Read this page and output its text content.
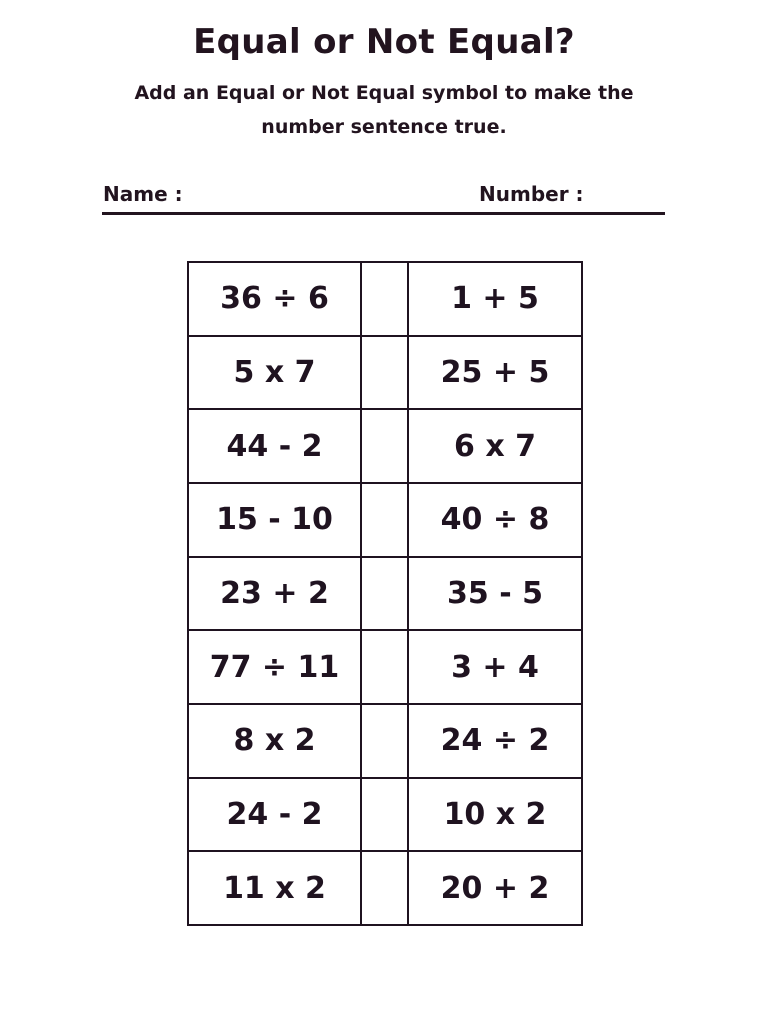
Equal or Not Equal?
Add an Equal or Not Equal symbol to make the number sentence true.
Name :	Number :
36 ÷ 6		1 + 5
5 x 7		25 + 5
44 - 2		6 x 7
15 - 10		40 ÷ 8
23 + 2		35 - 5
77 ÷ 11		3 + 4
8 x 2		24 ÷ 2
24 - 2		10 x 2
11 x 2		20 + 2
